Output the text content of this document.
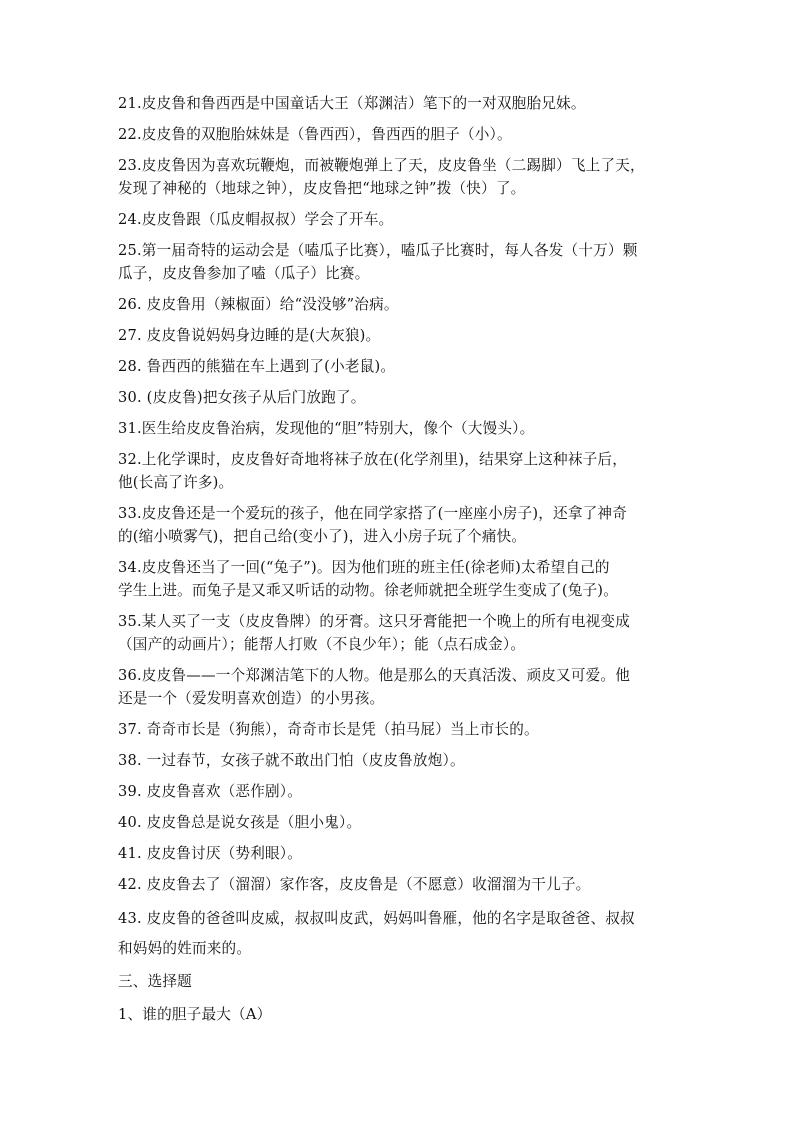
21.皮皮鲁和鲁西西是中国童话大王（郑渊洁）笔下的一对双胞胎兄妹。

22.皮皮鲁的双胞胎妹妹是（鲁西西），鲁西西的胆子（小）。

23.皮皮鲁因为喜欢玩鞭炮，而被鞭炮弹上了天，皮皮鲁坐（二踢脚）飞上了天，
发现了神秘的（地球之钟），皮皮鲁把“地球之钟”拨（快）了。

24.皮皮鲁跟（瓜皮帽叔叔）学会了开车。

25.第一届奇特的运动会是（嗑瓜子比赛），嗑瓜子比赛时，每人各发（十万）颗
瓜子，皮皮鲁参加了嗑（瓜子）比赛。

26. 皮皮鲁用（辣椒面）给“没没够”治病。

27. 皮皮鲁说妈妈身边睡的是(大灰狼)。

28. 鲁西西的熊猫在车上遇到了(小老鼠)。

30. (皮皮鲁)把女孩子从后门放跑了。

31.医生给皮皮鲁治病，发现他的“胆”特别大，像个（大馒头）。

32.上化学课时，皮皮鲁好奇地将袜子放在(化学剂里)，结果穿上这种袜子后，
他(长高了许多)。

33.皮皮鲁还是一个爱玩的孩子，他在同学家搭了(一座座小房子)，还拿了神奇
的(缩小喷雾气)，把自己给(变小了)，进入小房子玩了个痛快。

34.皮皮鲁还当了一回(“兔子”)。因为他们班的班主任(徐老师)太希望自己的
学生上进。而兔子是又乖又听话的动物。徐老师就把全班学生变成了(兔子)。

35.某人买了一支（皮皮鲁牌）的牙膏。这只牙膏能把一个晚上的所有电视变成
（国产的动画片）；能帮人打败（不良少年）；能（点石成金）。

36.皮皮鲁——一个郑渊洁笔下的人物。他是那么的天真活泼、顽皮又可爱。他
还是一个（爱发明喜欢创造）的小男孩。

37. 奇奇市长是（狗熊），奇奇市长是凭（拍马屁）当上市长的。

38. 一过春节，女孩子就不敢出门怕（皮皮鲁放炮）。

39. 皮皮鲁喜欢（恶作剧）。

40. 皮皮鲁总是说女孩是（胆小鬼）。

41. 皮皮鲁讨厌（势利眼）。

42. 皮皮鲁去了（溜溜）家作客，皮皮鲁是（不愿意）收溜溜为干儿子。

43. 皮皮鲁的爸爸叫皮威，叔叔叫皮武，妈妈叫鲁雁，他的名字是取爸爸、叔叔
和妈妈的姓而来的。

三、选择题

1、谁的胆子最大（A）
